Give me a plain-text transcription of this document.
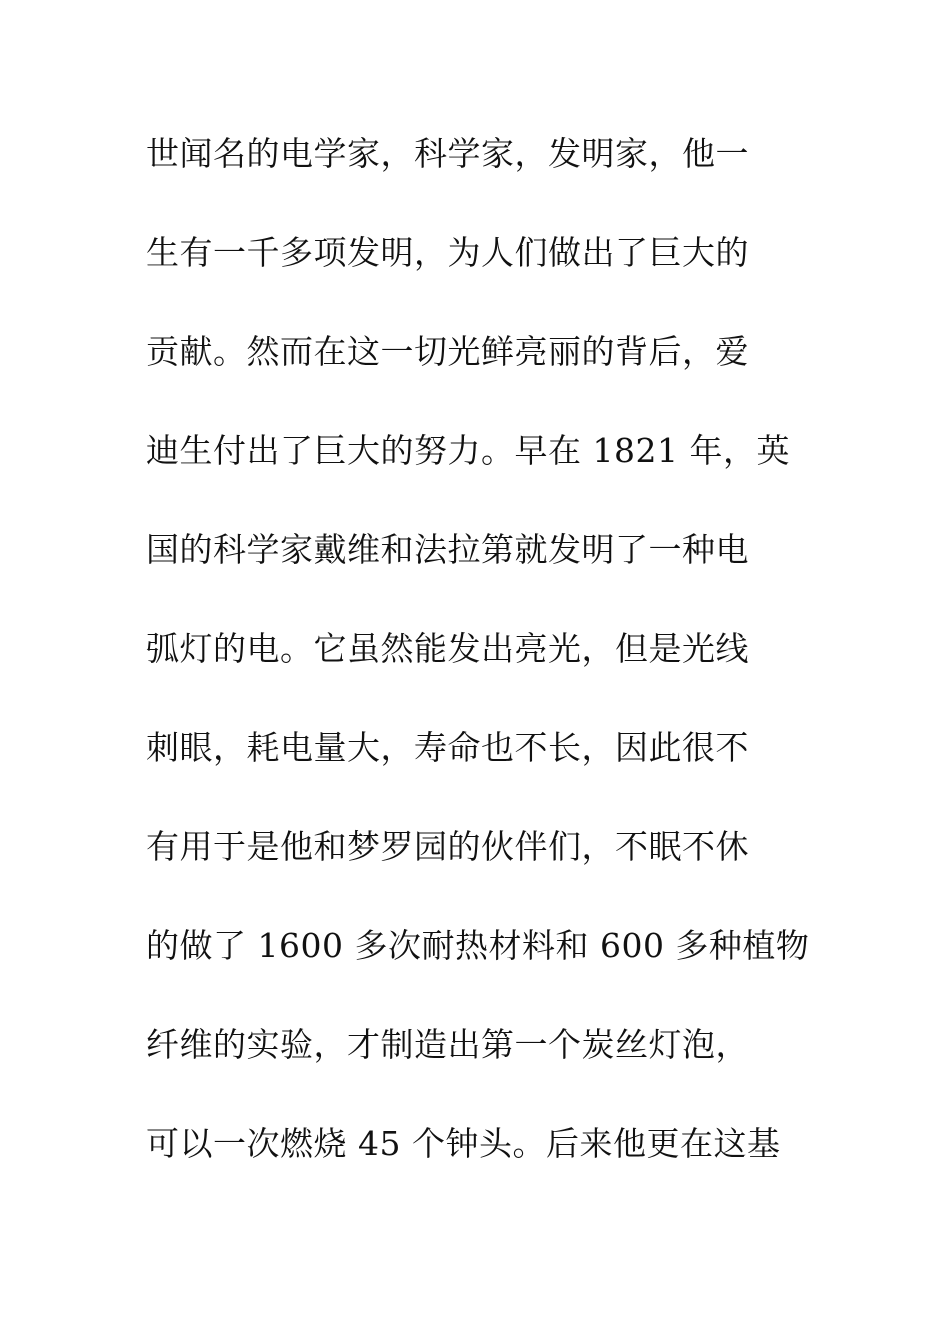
世闻名的电学家，科学家，发明家，他一
生有一千多项发明，为人们做出了巨大的
贡献。然而在这一切光鲜亮丽的背后，爱
迪生付出了巨大的努力。早在 1821 年，英
国的科学家戴维和法拉第就发明了一种电
弧灯的电。它虽然能发出亮光，但是光线
刺眼，耗电量大，寿命也不长，因此很不
有用于是他和梦罗园的伙伴们，不眠不休
的做了 1600 多次耐热材料和 600 多种植物
纤维的实验，才制造出第一个炭丝灯泡，
可以一次燃烧 45 个钟头。后来他更在这基
